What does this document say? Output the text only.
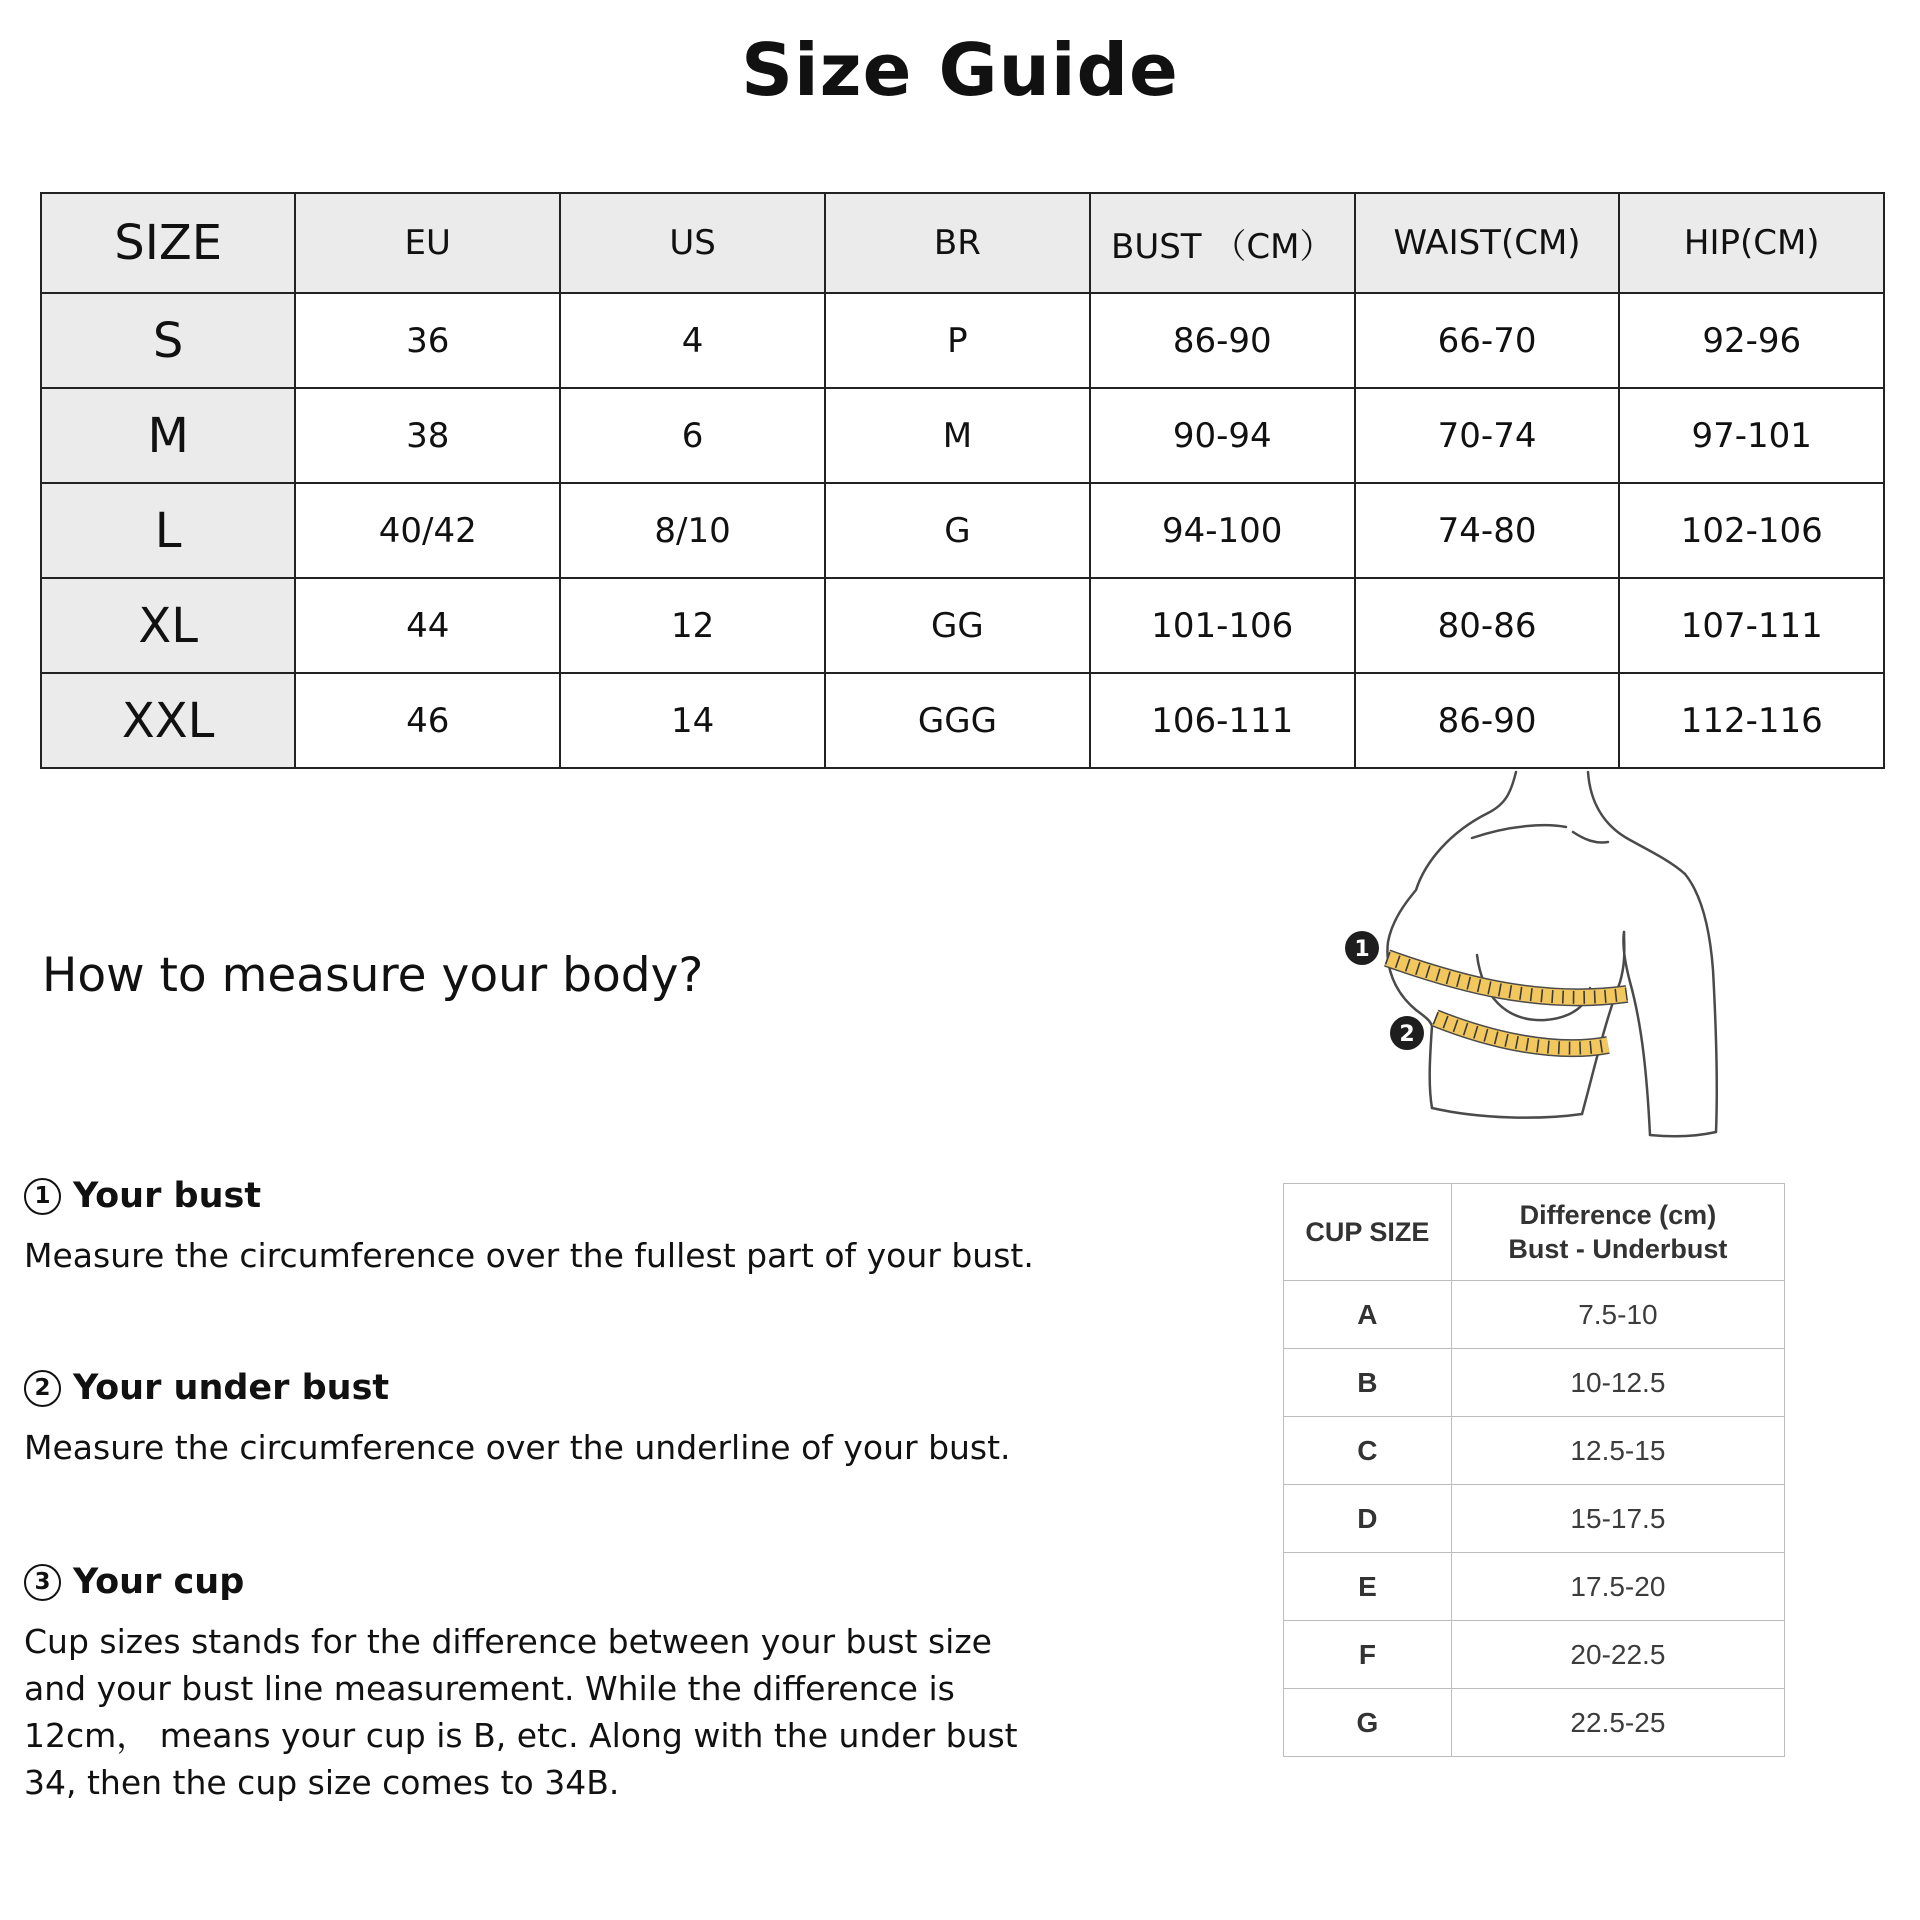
Size Guide
SIZE	EU	US	BR	BUST （CM）	WAIST(CM)	HIP(CM)
S	36	4	P	86-90	66-70	92-96
M	38	6	M	90-94	70-74	97-101
L	40/42	8/10	G	94-100	74-80	102-106
XL	44	12	GG	101-106	80-86	107-111
XXL	46	14	GGG	106-111	86-90	112-116
How to measure your body?
1 Your bust
Measure the circumference over the fullest part of your bust.
2 Your under bust
Measure the circumference over the underline of your bust.
3 Your cup
Cup sizes stands for the difference between your bust size and your bust line measurement. While the difference is 12cm， means your cup is B, etc. Along with the under bust 34, then the cup size comes to 34B.
1
2
CUP SIZE	Difference (cm)
Bust - Underbust

A	7.5-10
B	10-12.5
C	12.5-15
D	15-17.5
E	17.5-20
F	20-22.5
G	22.5-25
